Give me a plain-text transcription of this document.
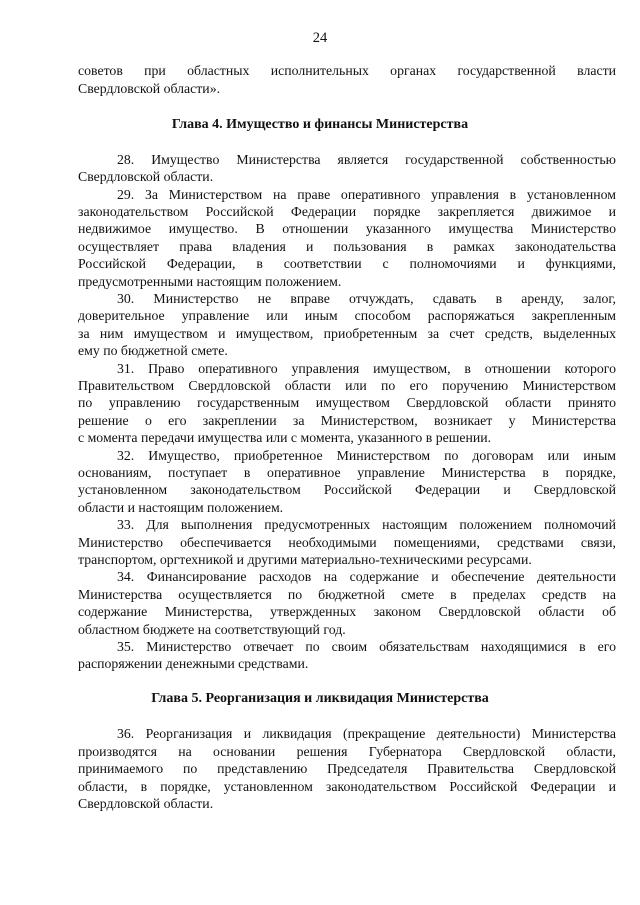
24
советов при областных исполнительных органах государственной власти
Свердловской области».
Глава 4. Имущество и финансы Министерства
28. Имущество Министерства является государственной собственностью
Свердловской области.
29. За Министерством на праве оперативного управления в установленном
законодательством Российской Федерации порядке закрепляется движимое и
недвижимое имущество. В отношении указанного имущества Министерство
осуществляет права владения и пользования в рамках законодательства
Российской Федерации, в соответствии с полномочиями и функциями,
предусмотренными настоящим положением.
30. Министерство не вправе отчуждать, сдавать в аренду, залог,
доверительное управление или иным способом распоряжаться закрепленным
за ним имуществом и имуществом, приобретенным за счет средств, выделенных
ему по бюджетной смете.
31. Право оперативного управления имуществом, в отношении которого
Правительством Свердловской области или по его поручению Министерством
по управлению государственным имуществом Свердловской области принято
решение о его закреплении за Министерством, возникает у Министерства
с момента передачи имущества или с момента, указанного в решении.
32. Имущество, приобретенное Министерством по договорам или иным
основаниям, поступает в оперативное управление Министерства в порядке,
установленном законодательством Российской Федерации и Свердловской
области и настоящим положением.
33. Для выполнения предусмотренных настоящим положением полномочий
Министерство обеспечивается необходимыми помещениями, средствами связи,
транспортом, оргтехникой и другими материально-техническими ресурсами.
34. Финансирование расходов на содержание и обеспечение деятельности
Министерства осуществляется по бюджетной смете в пределах средств на
содержание Министерства, утвержденных законом Свердловской области об
областном бюджете на соответствующий год.
35. Министерство отвечает по своим обязательствам находящимися в его
распоряжении денежными средствами.
Глава 5. Реорганизация и ликвидация Министерства
36. Реорганизация и ликвидация (прекращение деятельности) Министерства
производятся на основании решения Губернатора Свердловской области,
принимаемого по представлению Председателя Правительства Свердловской
области, в порядке, установленном законодательством Российской Федерации и
Свердловской области.
